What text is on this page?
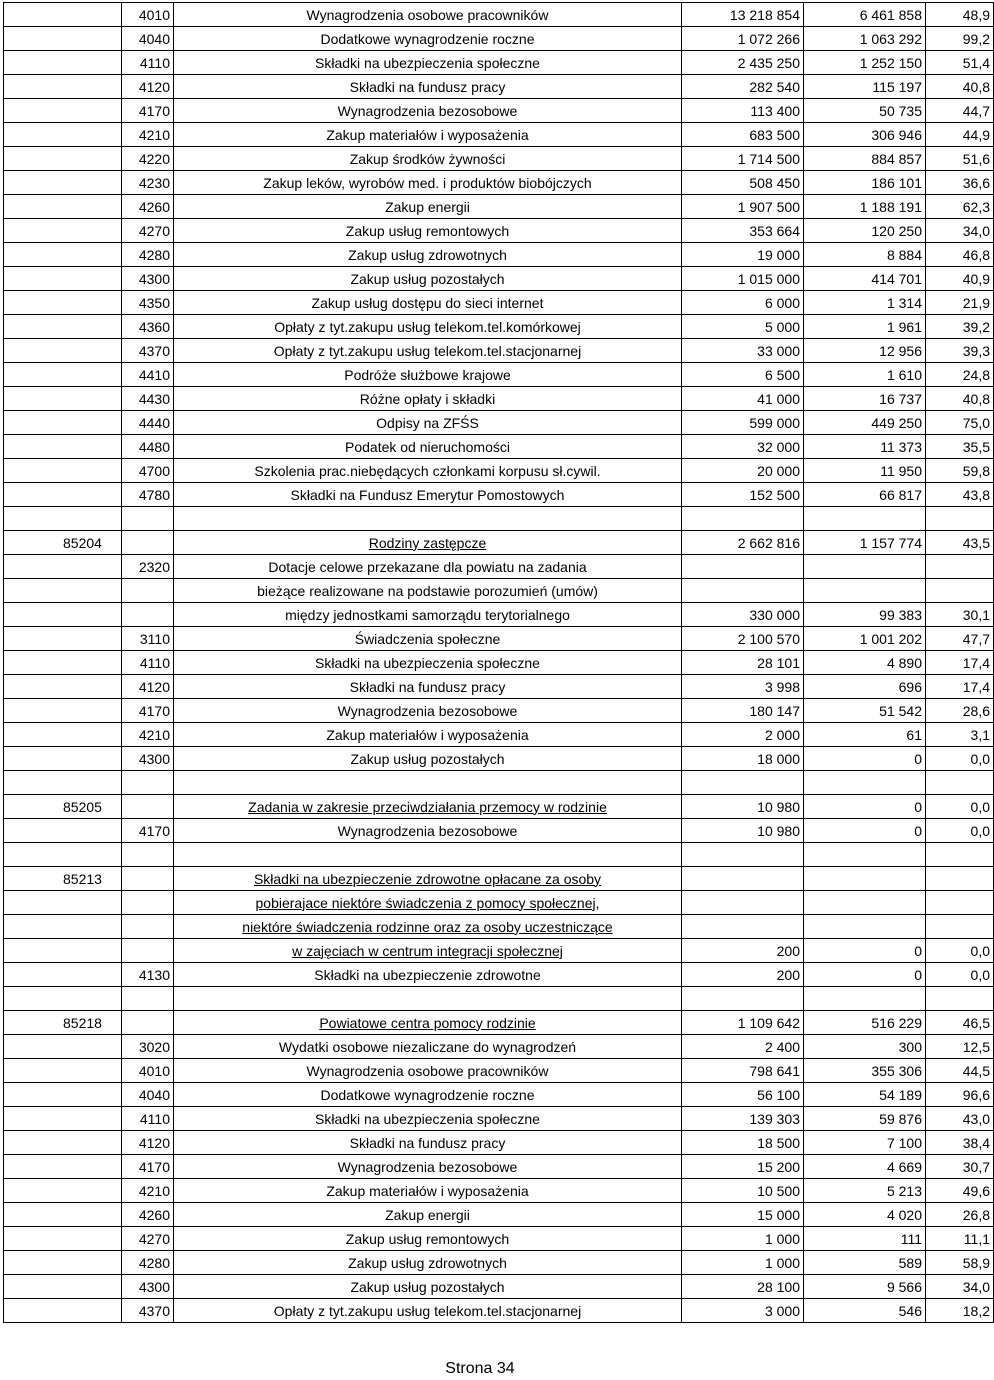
	4010	Wynagrodzenia osobowe pracowników	13 218 854	6 461 858	48,9
	4040	Dodatkowe wynagrodzenie roczne	1 072 266	1 063 292	99,2
	4110	Składki na ubezpieczenia społeczne	2 435 250	1 252 150	51,4
	4120	Składki na fundusz pracy	282 540	115 197	40,8
	4170	Wynagrodzenia bezosobowe	113 400	50 735	44,7
	4210	Zakup materiałów i wyposażenia	683 500	306 946	44,9
	4220	Zakup środków żywności	1 714 500	884 857	51,6
	4230	Zakup leków, wyrobów med. i produktów biobójczych	508 450	186 101	36,6
	4260	Zakup energii	1 907 500	1 188 191	62,3
	4270	Zakup usług remontowych	353 664	120 250	34,0
	4280	Zakup usług zdrowotnych	19 000	8 884	46,8
	4300	Zakup usług pozostałych	1 015 000	414 701	40,9
	4350	Zakup usług dostępu do sieci internet	6 000	1 314	21,9
	4360	Opłaty z tyt.zakupu usług telekom.tel.komórkowej	5 000	1 961	39,2
	4370	Opłaty z tyt.zakupu usług telekom.tel.stacjonarnej	33 000	12 956	39,3
	4410	Podróże służbowe krajowe	6 500	1 610	24,8
	4430	Różne opłaty i składki	41 000	16 737	40,8
	4440	Odpisy na ZFŚS	599 000	449 250	75,0
	4480	Podatek od nieruchomości	32 000	11 373	35,5
	4700	Szkolenia prac.niebędących członkami korpusu sł.cywil.	20 000	11 950	59,8
	4780	Składki na Fundusz Emerytur Pomostowych	152 500	66 817	43,8

85204		Rodziny zastępcze	2 662 816	1 157 774	43,5
	2320	Dotacje celowe przekazane dla powiatu na zadania			
		bieżące realizowane na podstawie porozumień (umów)			
		między jednostkami samorządu terytorialnego	330 000	99 383	30,1
	3110	Świadczenia społeczne	2 100 570	1 001 202	47,7
	4110	Składki na ubezpieczenia społeczne	28 101	4 890	17,4
	4120	Składki na fundusz pracy	3 998	696	17,4
	4170	Wynagrodzenia bezosobowe	180 147	51 542	28,6
	4210	Zakup materiałów i wyposażenia	2 000	61	3,1
	4300	Zakup usług pozostałych	18 000	0	0,0

85205		Zadania w zakresie przeciwdziałania przemocy w rodzinie	10 980	0	0,0
	4170	Wynagrodzenia bezosobowe	10 980	0	0,0

85213		Składki na ubezpieczenie zdrowotne opłacane za osoby			
		pobierajace niektóre świadczenia z pomocy społecznej,			
		niektóre świadczenia rodzinne oraz za osoby uczestniczące			
		w zajęciach w centrum integracji społecznej	200	0	0,0
	4130	Składki na ubezpieczenie zdrowotne	200	0	0,0

85218		Powiatowe centra pomocy rodzinie	1 109 642	516 229	46,5
	3020	Wydatki osobowe niezaliczane do wynagrodzeń	2 400	300	12,5
	4010	Wynagrodzenia osobowe pracowników	798 641	355 306	44,5
	4040	Dodatkowe wynagrodzenie roczne	56 100	54 189	96,6
	4110	Składki na ubezpieczenia społeczne	139 303	59 876	43,0
	4120	Składki na fundusz pracy	18 500	7 100	38,4
	4170	Wynagrodzenia bezosobowe	15 200	4 669	30,7
	4210	Zakup materiałów i wyposażenia	10 500	5 213	49,6
	4260	Zakup energii	15 000	4 020	26,8
	4270	Zakup usług remontowych	1 000	111	11,1
	4280	Zakup usług zdrowotnych	1 000	589	58,9
	4300	Zakup usług pozostałych	28 100	9 566	34,0
	4370	Opłaty z tyt.zakupu usług telekom.tel.stacjonarnej	3 000	546	18,2
Strona 34
